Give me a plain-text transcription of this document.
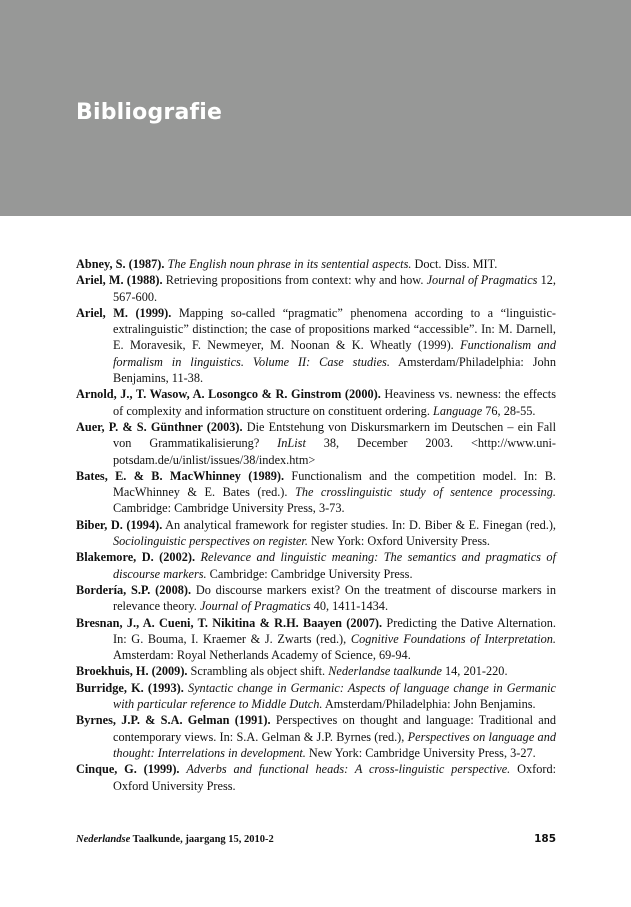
Bibliografie
Abney, S. (1987). The English noun phrase in its sentential aspects. Doct. Diss. MIT.
Ariel, M. (1988). Retrieving propositions from context: why and how. Journal of Pragmatics 12, 567-600.
Ariel, M. (1999). Mapping so-called “pragmatic” phenomena according to a “linguistic-extralinguistic” distinction; the case of propositions marked “accessible”. In: M. Darnell, E. Moravesik, F. Newmeyer, M. Noonan & K. Wheatly (1999). Functionalism and formalism in linguistics. Volume II: Case studies. Amsterdam/Philadelphia: John Benjamins, 11-38.
Arnold, J., T. Wasow, A. Losongco & R. Ginstrom (2000). Heaviness vs. newness: the effects of complexity and information structure on constituent ordering. Language 76, 28-55.
Auer, P. & S. Günthner (2003). Die Entstehung von Diskursmarkern im Deutschen – ein Fall von Grammatikalisierung? InList 38, December 2003. <http://www.uni-potsdam.de/u/inlist/issues/38/index.htm>
Bates, E. & B. MacWhinney (1989). Functionalism and the competition model. In: B. MacWhinney & E. Bates (red.). The crosslinguistic study of sentence processing. Cambridge: Cambridge University Press, 3-73.
Biber, D. (1994). An analytical framework for register studies. In: D. Biber & E. Finegan (red.), Sociolinguistic perspectives on register. New York: Oxford University Press.
Blakemore, D. (2002). Relevance and linguistic meaning: The semantics and pragmatics of discourse markers. Cambridge: Cambridge University Press.
Bordería, S.P. (2008). Do discourse markers exist? On the treatment of discourse markers in relevance theory. Journal of Pragmatics 40, 1411-1434.
Bresnan, J., A. Cueni, T. Nikitina & R.H. Baayen (2007). Predicting the Dative Alternation. In: G. Bouma, I. Kraemer & J. Zwarts (red.), Cognitive Foundations of Interpretation. Amsterdam: Royal Netherlands Academy of Science, 69-94.
Broekhuis, H. (2009). Scrambling als object shift. Nederlandse taalkunde 14, 201-220.
Burridge, K. (1993). Syntactic change in Germanic: Aspects of language change in Germanic with particular reference to Middle Dutch. Amsterdam/Philadelphia: John Benjamins.
Byrnes, J.P. & S.A. Gelman (1991). Perspectives on thought and language: Traditional and contemporary views. In: S.A. Gelman & J.P. Byrnes (red.), Perspectives on language and thought: Interrelations in development. New York: Cambridge University Press, 3-27.
Cinque, G. (1999). Adverbs and functional heads: A cross-linguistic perspective. Oxford: Oxford University Press.
Nederlandse Taalkunde, jaargang 15, 2010-2	185
